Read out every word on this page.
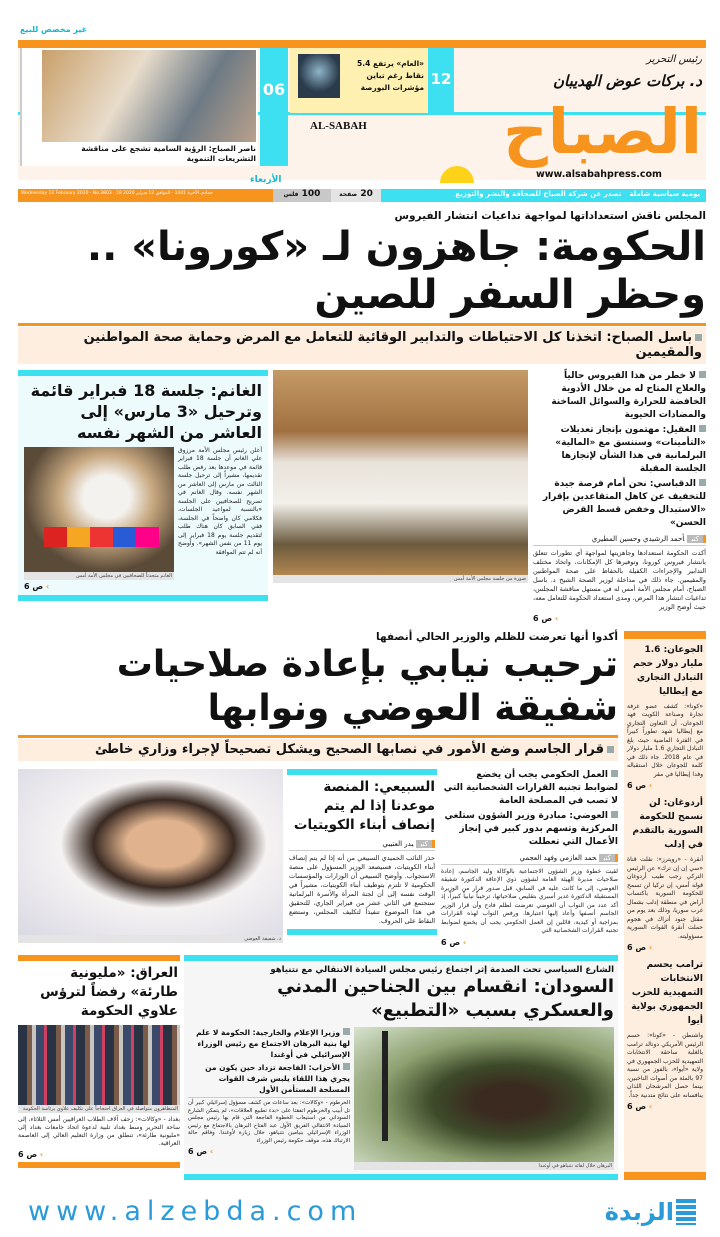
غير مخصص للبيع
ناصر الصباح: الرؤية السامية تشجع على مناقشة التشريعات التنموية
06
«العام» يرتفع 5.4
نقاط رغم تباين
مؤشرات البورصة 12
رئيس التحرير
د. بركات عوض الهديبان
AL-SABAH الصباح
www.alsabahpress.com
الأربعاء
Wednesday 12 February 2020 · No.3803 · 18 جمادى الآخرة 1441 · الموافق 12 فبراير 2020	100 فلس	20 صفحة	يومية سياسية شاملة
تصدر عن شركة الصباح للصحافة والنشر والتوزيع
المجلس ناقش استعداداتها لمواجهة تداعيات انتشار الفيروس
الحكومة: جاهزون لـ «كورونا» .. وحظر السفر للصين
باسل الصباح: اتخذنا كل الاحتياطات والتدابير الوقائية للتعامل مع المرض وحماية صحة المواطنين والمقيمين
الغانم: جلسة 18 فبراير قائمة وترحيل «3 مارس» إلى العاشر من الشهر نفسه
الغانم متحدثاً للصحافيين في مجلس الأمة أمس
أعلن رئيس مجلس الأمة مرزوق علي الغانم أن جلسة 18 فبراير قائمة في موعدها بعد رفض طلب تقديمها، مشيراً إلى ترحيل جلسة الثالث من مارس إلى العاشر من الشهر نفسه. وقال الغانم في تصريح للصحافيين على الجلسة «بالنسبة لمواعيد الجلسات، فكلامي كان واضحاً في الجلسة، ففي السابق كان هناك طلب لتقديم جلسة يوم 18 فبراير إلى يوم 11 من نفس الشهر». وأوضح أنه لم تتم الموافقة
› ص 6
صورة من جلسة مجلس الأمة أمس
لا خطر من هذا الفيروس حالياً والعلاج المتاح له من خلال الأدوية الخافضة للحرارة والسوائل الساخنة والمضادات الحيوية
العقيل: مهتمون بإنجاز تعديلات «التأمينات» وسننسق مع «المالية» البرلمانية في هذا الشأن لإنجازها الجلسة المقبلة
الدقباسي: نحن أمام فرصة جيدة للتخفيف عن كاهل المتقاعدين بإقرار «الاستبدال وخفض قسط القرض الحسن»
كتبأحمد الرشيدي وحسين المطيري
أكدت الحكومة استعدادها وجاهزيتها لمواجهة أي تطورات تتعلق بانتشار فيروس كورونا، وتوفيرها كل الإمكانات، واتخاذ مختلف التدابير والإجراءات الكفيلة بالحفاظ على صحة المواطنين والمقيمين. جاء ذلك في مداخلة لوزير الصحة الشيخ د. باسل الصباح، أمام مجلس الأمة أمس له في مستهل مناقشة المجلس، تداعيات انتشار هذا المرض، ومدى استعداد الحكومة للتعامل معه، حيث أوضح الوزير
› ص 6
أكدوا أنها تعرضت للظلم والوزير الحالي أنصفها
ترحيب نيابي بإعادة صلاحيات شفيقة العوضي ونوابها
قرار الجاسم وضع الأمور في نصابها الصحيح ويشكل تصحيحاً لإجراء وزاري خاطئ
د. شفيقة العوضي
السبيعي: المنصة موعدنا إذا لم يتم إنصاف أبناء الكويتيات
كتببدر العتيبي
حذر النائب الحميدي السبيعي من أنه إذا لم يتم إنصاف أبناء الكويتيات، فسيصعد الوزير المسؤول على منصة الاستجواب. وأوضح السبيعي أن الوزارات والمؤسسات الحكومية لا تلتزم بتوظيف أبناء الكويتيات، مشيراً في الوقت نفسه إلى أن لجنة المرأة والأسرة البرلمانية ستجتمع في الثاني عشر من فبراير الجاري، للتحقيق في هذا الموضوع تنفيذاً لتكليف المجلس، وستضع النقاط على الحروف.
العمل الحكومي يجب أن يخضع لضوابط تجنبه القرارات الشخصانية التي لا تصب في المصلحة العامة
العوضي: مبادرة وزير الشؤون ستلغي المركزية وتسهم بدور كبير في إنجاز الأعمال التي تعطلت
كتبحمد العازمي وفهد العجمي
لقيت خطوة وزير الشؤون الاجتماعية بالوكالة وليد الجاسم، إعادة صلاحيات مديرة الهيئة العامة لشؤون ذوي الإعاقة الدكتورة شفيقة العوضي، إلى ما كانت عليه في السابق، قبل صدور قرار من الوزيرة المستقيلة الدكتورة غدير أسيري بتقليص صلاحياتها، ترحيباً نيابياً كبيراً، إذ أكد عدد من النواب أن العوضي تعرضت لظلم فادح وأن قرار الوزير الجاسم أنصفها وأعاد إليها اعتبارها. ورفض النواب لهذه القرارات بمزاجية أو كيدية، قائلين إن العمل الحكومي يجب أن يخضع لضوابط تجنبه القرارات الشخصانية التي
› ص 6
العراق: «مليونية طارئة» رفضاً لترؤس علاوي الحكومة
المتظاهرون متواصلة في العراق احتجاجاً على تكليف علاوي برئاسة الحكومة
بغداد - «وكالات»: زحف آلاف الطلاب العراقيين أمس الثلاثاء، إلى ساحة التحرير وسط بغداد تلبية لدعوة اتحاد جامعات بغداد إلى «مليونية طارئة»، تنطلق من وزارة التعليم العالي إلى العاصمة العراقية.
› ص 6
الشارع السياسي تحت الصدمة إثر اجتماع رئيس مجلس السيادة الانتقالي مع نتنياهو
السودان: انقسام بين الجناحين المدني والعسكري بسبب «التطبيع»
وزيرا الإعلام والخارجية: الحكومة لا علم لها بنية البرهان الاجتماع مع رئيس الوزراء الإسرائيلي في أوغندا
الأحزاب: الفاجعة تزداد حين يكون من يجري هذا اللقاء يلبس شرف القوات المسلحة المستأمن الأول
الخرطوم - «وكالات»: بعد ساعات من كشف مسؤول إسرائيلي كبير أن تل أبيب والخرطوم اتفقتا على «بدء تطبيع العلاقات»، لم يتمكن الشارع السوداني من استيعاب الخطوة الفاجعة التي قام بها رئيس مجلس السيادة الانتقالي الفريق الأول عبد الفتاح البرهان بالاجتماع مع رئيس الوزراء الإسرائيلي بنيامين نتنياهو، خلال زيارة لأوغندا. وفاقم حالة الارتباك هذه، موقف حكومة رئيس الوزراء
› ص 6
البرهان خلال لقائه نتنياهو في أوغندا
الجوعان: 1.6 مليار دولار حجم التبادل التجاري مع إيطاليا
«كونا»: كشف عضو غرفة تجارة وصناعة الكويت فهد الجوعان، أن التعاون التجاري مع إيطاليا شهد تطوراً كبيراً في الفترة الماضية حيث بلغ التبادل التجاري 1.6 مليار دولار في عام 2018. جاء ذلك في كلمة للجوعان خلال استقباله وفدا إيطاليا في مقر
› ص 6
أردوغان: لن نسمح للحكومة السورية بالتقدم في إدلب
أنقرة - «رويترز»: نقلت قناة «سي إن إن ترك» عن الرئيس التركي رجب طيب أردوغان قوله أمس، إن تركيا لن تسمح للحكومة السورية باكتساب أراض في منطقة إدلب بشمال غرب سوريا، وذلك بعد يوم من مقتل جنود أتراك في هجوم حملت أنقرة القوات السورية مسؤوليته.
› ص 6
ترامب يحسم الانتخابات التمهيدية للحزب الجمهوري بولاية أيوا
واشنطن - «كونا»: حسم الرئيس الأمريكي دونالد ترامب بالغلبة ساحقة الانتخابات التمهيدية للحزب الجمهوري في ولاية «أيوا»، بالفوز من نسبة 97 بالمئة من أصوات الناخبين، بينما حصل المرشحان اللذان ينافسانه على نتائج متدنية جداً.
› ص 6
www.alzebda.com	الزبدة
